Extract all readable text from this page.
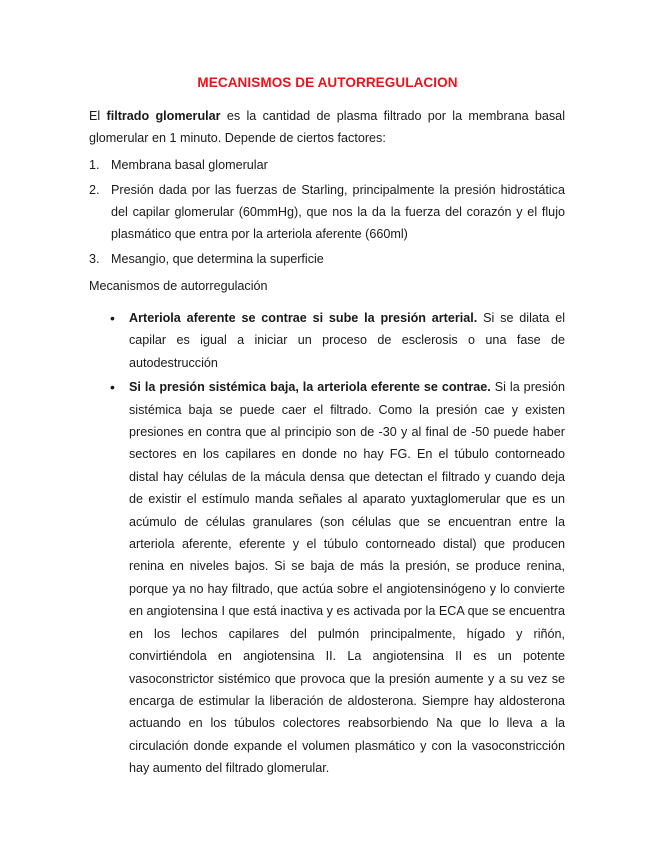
MECANISMOS DE AUTORREGULACION
El filtrado glomerular es la cantidad de plasma filtrado por la membrana basal glomerular en 1 minuto. Depende de ciertos factores:
1. Membrana basal glomerular
2. Presión dada por las fuerzas de Starling, principalmente la presión hidrostática del capilar glomerular (60mmHg), que nos la da la fuerza del corazón y el flujo plasmático que entra por la arteriola aferente (660ml)
3. Mesangio, que determina la superficie
Mecanismos de autorregulación
• Arteriola aferente se contrae si sube la presión arterial. Si se dilata el capilar es igual a iniciar un proceso de esclerosis o una fase de autodestrucción
• Si la presión sistémica baja, la arteriola eferente se contrae. Si la presión sistémica baja se puede caer el filtrado. Como la presión cae y existen presiones en contra que al principio son de -30 y al final de -50 puede haber sectores en los capilares en donde no hay FG. En el túbulo contorneado distal hay células de la mácula densa que detectan el filtrado y cuando deja de existir el estímulo manda señales al aparato yuxtaglomerular que es un acúmulo de células granulares (son células que se encuentran entre la arteriola aferente, eferente y el túbulo contorneado distal) que producen renina en niveles bajos. Si se baja de más la presión, se produce renina, porque ya no hay filtrado, que actúa sobre el angiotensinógeno y lo convierte en angiotensina I que está inactiva y es activada por la ECA que se encuentra en los lechos capilares del pulmón principalmente, hígado y riñón, convirtiéndola en angiotensina II. La angiotensina II es un potente vasoconstrictor sistémico que provoca que la presión aumente y a su vez se encarga de estimular la liberación de aldosterona. Siempre hay aldosterona actuando en los túbulos colectores reabsorbiendo Na que lo lleva a la circulación donde expande el volumen plasmático y con la vasoconstricción hay aumento del filtrado glomerular.
